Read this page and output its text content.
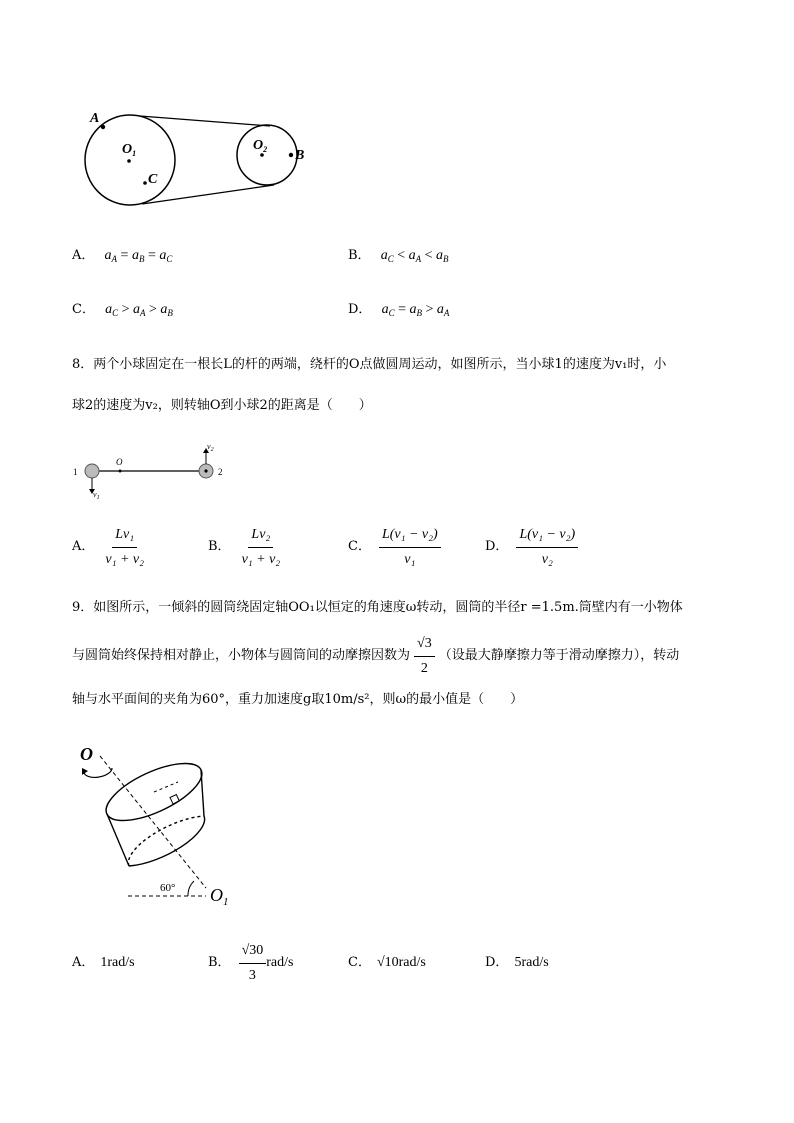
A
$O_1$
C
$O_2$ B
A． $a_A = a_B = a_C$	B． $a_C < a_A < a_B$
C． $a_C > a_A > a_B$	D． $a_C = a_B > a_A$
8．两个小球固定在一根长L的杆的两端，绕杆的O点做圆周运动，如图所示，当小球1的速度为v₁时，小
球2的速度为v₂，则转轴O到小球2的距离是（　　）
1	2
O
$v_1$
$v_2$
A． $\frac{\text{Lv₁}}{\text{v₁ + v₂}}$	B． $\frac{\text{Lv₂}}{\text{v₁ + v₂}}$	C． $\frac{\text{L(v₁ − v₂)}}{\text{v₁}}$	D． $\frac{\text{L(v₁ − v₂)}}{\text{v₂}}$
9．如图所示，一倾斜的圆筒绕固定轴OO₁以恒定的角速度ω转动，圆筒的半径r =1.5m.筒壁内有一小物体
与圆筒始终保持相对静止，小物体与圆筒间的动摩擦因数为 $\frac{√3}{2}$ （设最大静摩擦力等于滑动摩擦力），转动
轴与水平面间的夹角为60°，重力加速度g取10m/s²，则ω的最小值是（　　）
O
$O_1$
60°
A． 1rad/s	B． $\frac{√30}{3} rad/s$	C． √10rad/s	D． 5rad/s
